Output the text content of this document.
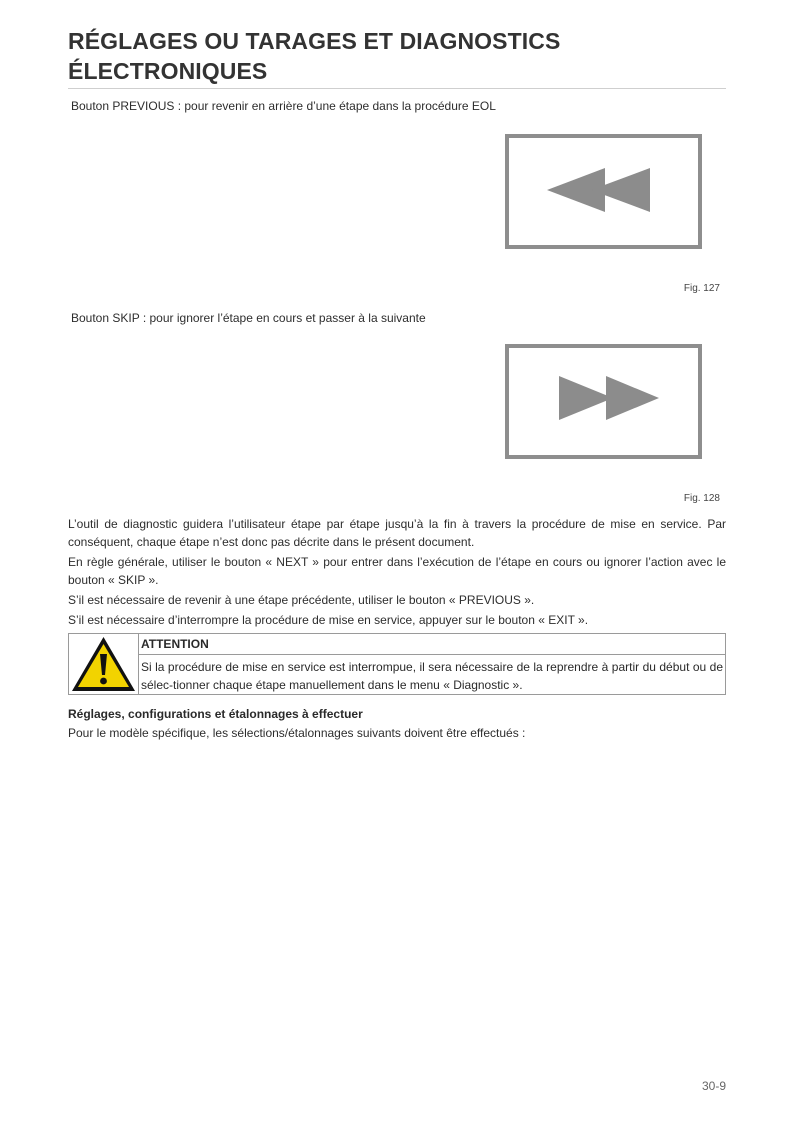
RÉGLAGES OU TARAGES ET DIAGNOSTICS
ÉLECTRONIQUES
Bouton PREVIOUS : pour revenir en arrière d’une étape dans la procédure EOL
Fig. 127
Bouton SKIP : pour ignorer l’étape en cours et passer à la suivante
Fig. 128
L’outil de diagnostic guidera l’utilisateur étape par étape jusqu’à la fin à travers la procédure de mise en service. Par conséquent, chaque étape n’est donc pas décrite dans le présent document.
En règle générale, utiliser le bouton « NEXT » pour entrer dans l’exécution de l’étape en cours ou ignorer l’action avec le bouton « SKIP ».
S’il est nécessaire de revenir à une étape précédente, utiliser le bouton « PREVIOUS ».
S’il est nécessaire d’interrompre la procédure de mise en service, appuyer sur le bouton « EXIT ».
ATTENTION
Si la procédure de mise en service est interrompue, il sera nécessaire de la reprendre à partir du début ou de sélec-tionner chaque étape manuellement dans le menu « Diagnostic ».
Réglages, configurations et étalonnages à effectuer
Pour le modèle spécifique, les sélections/étalonnages suivants doivent être effectués :
30-9
